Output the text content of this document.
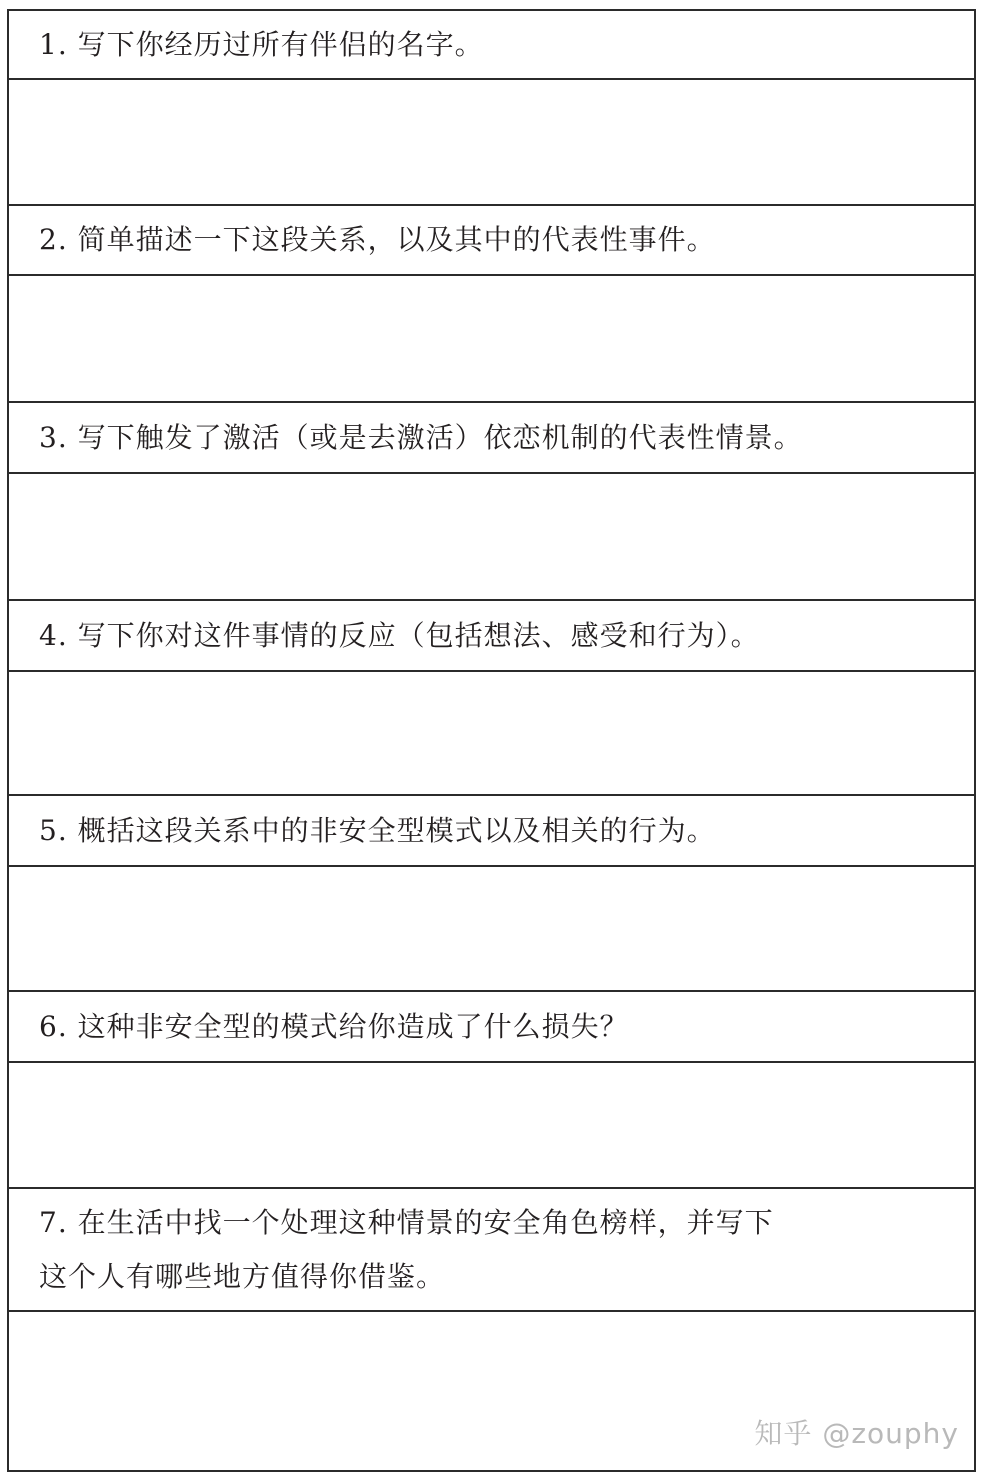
1. 写下你经历过所有伴侣的名字。
2. 简单描述一下这段关系，以及其中的代表性事件。
3. 写下触发了激活（或是去激活）依恋机制的代表性情景。
4. 写下你对这件事情的反应（包括想法、感受和行为）。
5. 概括这段关系中的非安全型模式以及相关的行为。
6. 这种非安全型的模式给你造成了什么损失？
7. 在生活中找一个处理这种情景的安全角色榜样，并写下
这个人有哪些地方值得你借鉴。
知乎 @zouphy
